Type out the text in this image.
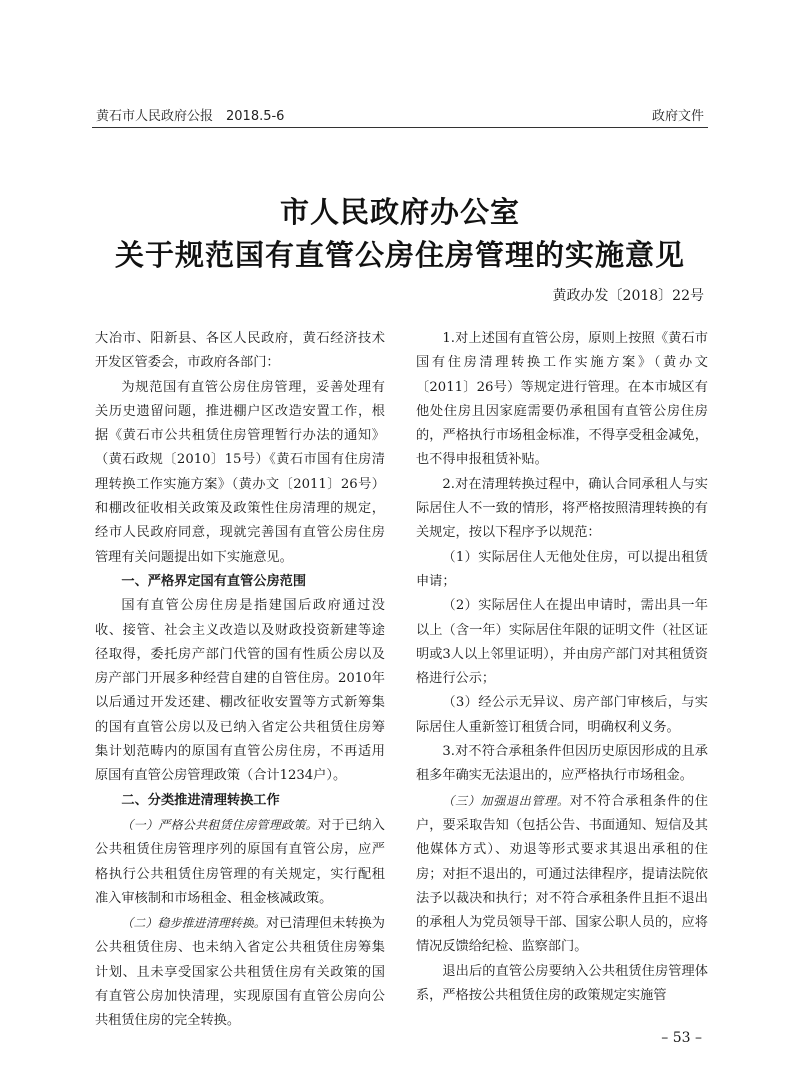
黄石市人民政府公报　2018.5-6	政府文件
市人民政府办公室
关于规范国有直管公房住房管理的实施意见
黄政办发〔2018〕22号

大冶市、阳新县、各区人民政府，黄石经济技术开发区管委会，市政府各部门：

为规范国有直管公房住房管理，妥善处理有关历史遗留问题，推进棚户区改造安置工作，根据《黄石市公共租赁住房管理暂行办法的通知》（黄石政规〔2010〕15号）《黄石市国有住房清理转换工作实施方案》（黄办文〔2011〕26号）和棚改征收相关政策及政策性住房清理的规定，经市人民政府同意，现就完善国有直管公房住房管理有关问题提出如下实施意见。

一、严格界定国有直管公房范围

国有直管公房住房是指建国后政府通过没收、接管、社会主义改造以及财政投资新建等途径取得，委托房产部门代管的国有性质公房以及房产部门开展多种经营自建的自管住房。2010年以后通过开发还建、棚改征收安置等方式新筹集的国有直管公房以及已纳入省定公共租赁住房筹集计划范畴内的原国有直管公房住房，不再适用原国有直管公房管理政策（合计1234户）。

二、分类推进清理转换工作

（一）严格公共租赁住房管理政策。对于已纳入公共租赁住房管理序列的原国有直管公房，应严格执行公共租赁住房管理的有关规定，实行配租准入审核制和市场租金、租金核减政策。

（二）稳步推进清理转换。对已清理但未转换为公共租赁住房、也未纳入省定公共租赁住房筹集计划、且未享受国家公共租赁住房有关政策的国有直管公房加快清理，实现原国有直管公房向公共租赁住房的完全转换。

1.对上述国有直管公房，原则上按照《黄石市国有住房清理转换工作实施方案》（黄办文〔2011〕26号）等规定进行管理。在本市城区有他处住房且因家庭需要仍承租国有直管公房住房的，严格执行市场租金标准，不得享受租金减免，也不得申报租赁补贴。

2.对在清理转换过程中，确认合同承租人与实际居住人不一致的情形，将严格按照清理转换的有关规定，按以下程序予以规范：

（1）实际居住人无他处住房，可以提出租赁申请；

（2）实际居住人在提出申请时，需出具一年以上（含一年）实际居住年限的证明文件（社区证明或3人以上邻里证明），并由房产部门对其租赁资格进行公示；

（3）经公示无异议、房产部门审核后，与实际居住人重新签订租赁合同，明确权利义务。

3.对不符合承租条件但因历史原因形成的且承租多年确实无法退出的，应严格执行市场租金。

（三）加强退出管理。对不符合承租条件的住户，要采取告知（包括公告、书面通知、短信及其他媒体方式）、劝退等形式要求其退出承租的住房；对拒不退出的，可通过法律程序，提请法院依法予以裁决和执行；对不符合承租条件且拒不退出的承租人为党员领导干部、国家公职人员的，应将情况反馈给纪检、监察部门。

退出后的直管公房要纳入公共租赁住房管理体系，严格按公共租赁住房的政策规定实施管

– 53 –
